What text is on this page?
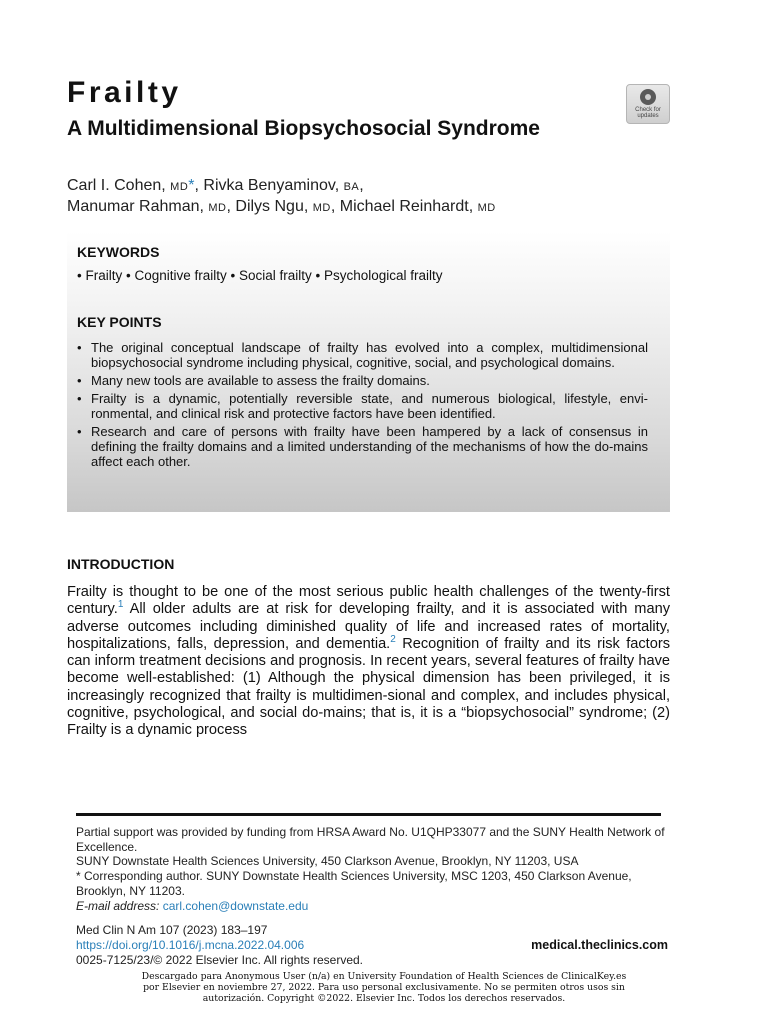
Frailty
A Multidimensional Biopsychosocial Syndrome
Check for
updates
Carl I. Cohen, MD*, Rivka Benyaminov, BA,
Manumar Rahman, MD, Dilys Ngu, MD, Michael Reinhardt, MD
KEYWORDS
• Frailty • Cognitive frailty • Social frailty • Psychological frailty
KEY POINTS
• The original conceptual landscape of frailty has evolved into a complex, multidimensional biopsychosocial syndrome including physical, cognitive, social, and psychological domains.
• Many new tools are available to assess the frailty domains.
• Frailty is a dynamic, potentially reversible state, and numerous biological, lifestyle, envi-ronmental, and clinical risk and protective factors have been identified.
• Research and care of persons with frailty have been hampered by a lack of consensus in defining the frailty domains and a limited understanding of the mechanisms of how the do-mains affect each other.
INTRODUCTION

Frailty is thought to be one of the most serious public health challenges of the twenty-first century.$^1$ All older adults are at risk for developing frailty, and it is associated with many adverse outcomes including diminished quality of life and increased rates of mortality, hospitalizations, falls, depression, and dementia.$^2$ Recognition of frailty and its risk factors can inform treatment decisions and prognosis. In recent years, several features of frailty have become well-established: (1) Although the physical dimension has been privileged, it is increasingly recognized that frailty is multidimen-sional and complex, and includes physical, cognitive, psychological, and social do-mains; that is, it is a “biopsychosocial” syndrome; (2) Frailty is a dynamic process

Partial support was provided by funding from HRSA Award No. U1QHP33077 and the SUNY Health Network of Excellence.
SUNY Downstate Health Sciences University, 450 Clarkson Avenue, Brooklyn, NY 11203, USA
* Corresponding author. SUNY Downstate Health Sciences University, MSC 1203, 450 Clarkson Avenue, Brooklyn, NY 11203.
E-mail address: carl.cohen@downstate.edu
Med Clin N Am 107 (2023) 183–197
https://doi.org/10.1016/j.mcna.2022.04.006	medical.theclinics.com
0025-7125/23/© 2022 Elsevier Inc. All rights reserved.
Descargado para Anonymous User (n/a) en University Foundation of Health Sciences de ClinicalKey.es por Elsevier en noviembre 27, 2022. Para uso personal exclusivamente. No se permiten otros usos sin autorización. Copyright ©2022. Elsevier Inc. Todos los derechos reservados.
